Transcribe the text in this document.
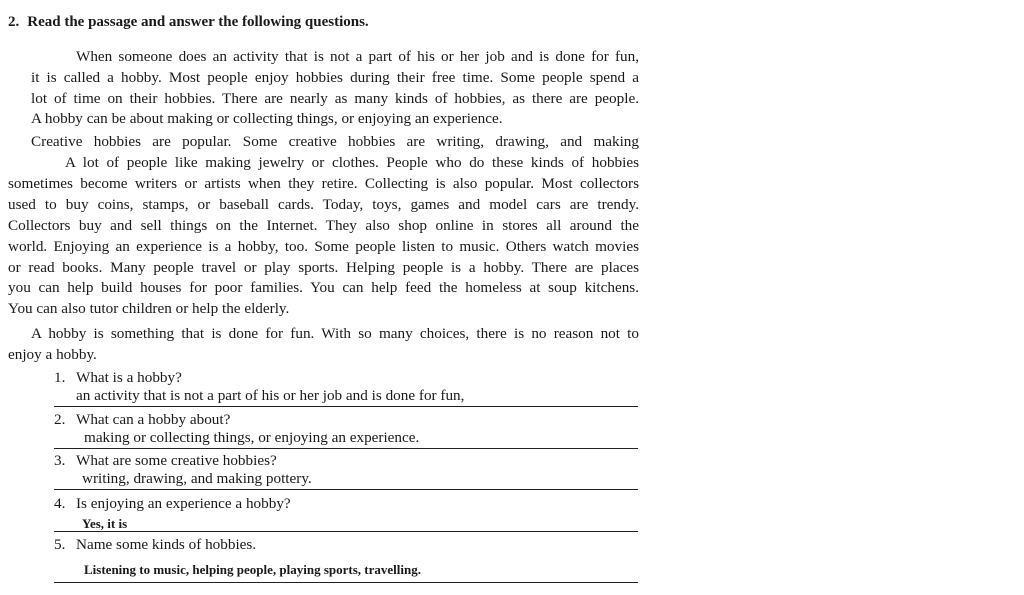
2. Read the passage and answer the following questions.
When someone does an activity that is not a part of his or her job and is done for fun,
it is called a hobby. Most people enjoy hobbies during their free time. Some people spend a
lot of time on their hobbies. There are nearly as many kinds of hobbies, as there are people.
A hobby can be about making or collecting things, or enjoying an experience.
Creative hobbies are popular. Some creative hobbies are writing, drawing, and making
A lot of people like making jewelry or clothes. People who do these kinds of hobbies
sometimes become writers or artists when they retire. Collecting is also popular. Most collectors
used to buy coins, stamps, or baseball cards. Today, toys, games and model cars are trendy.
Collectors buy and sell things on the Internet. They also shop online in stores all around the
world. Enjoying an experience is a hobby, too. Some people listen to music. Others watch movies
or read books. Many people travel or play sports. Helping people is a hobby. There are places
you can help build houses for poor families. You can help feed the homeless at soup kitchens.
You can also tutor children or help the elderly.
A hobby is something that is done for fun. With so many choices, there is no reason not to
enjoy a hobby.
1. What is a hobby?
an activity that is not a part of his or her job and is done for fun,
2. What can a hobby about?
making or collecting things, or enjoying an experience.
3. What are some creative hobbies?
writing, drawing, and making pottery.
4. Is enjoying an experience a hobby?
Yes, it is
5. Name some kinds of hobbies.
Listening to music, helping people, playing sports, travelling.
